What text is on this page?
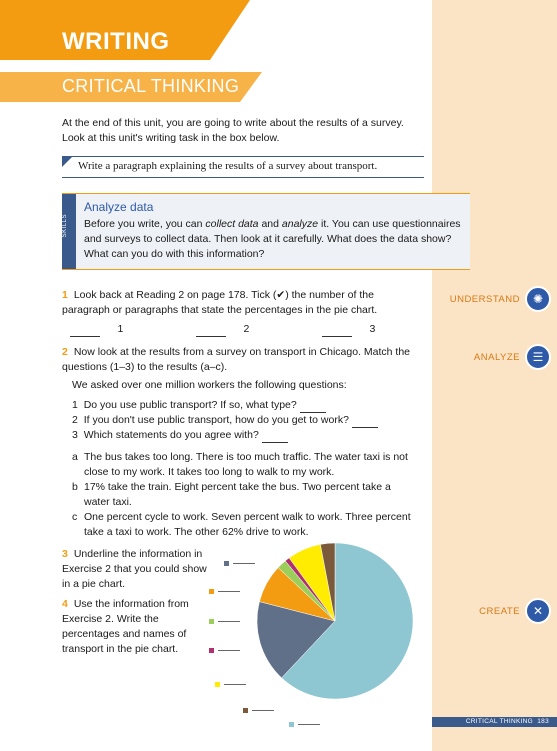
WRITING
CRITICAL THINKING
At the end of this unit, you are going to write about the results of a survey. Look at this unit's writing task in the box below.
Write a paragraph explaining the results of a survey about transport.
SKILLS
Analyze data
Before you write, you can collect data and analyze it. You can use questionnaires and surveys to collect data. Then look at it carefully. What does the data show? What can you do with this information?
1 Look back at Reading 2 on page 178. Tick (✔) the number of the paragraph or paragraphs that state the percentages in the pie chart.
1	2	3
2 Now look at the results from a survey on transport in Chicago. Match the questions (1–3) to the results (a–c).
We asked over one million workers the following questions:
1 Do you use public transport? If so, what type?
2 If you don't use public transport, how do you get to work?
3 Which statements do you agree with?
a The bus takes too long. There is too much traffic. The water taxi is not close to my work. It takes too long to walk to my work.
b 17% take the train. Eight percent take the bus. Two percent take a water taxi.
c One percent cycle to work. Seven percent walk to work. Three percent take a taxi to work. The other 62% drive to work.
3 Underline the information in Exercise 2 that you could show in a pie chart.
4 Use the information from Exercise 2. Write the percentages and names of transport in the pie chart.
UNDERSTAND	✺
ANALYZE	☰
CREATE	✕
CRITICAL THINKING 183
